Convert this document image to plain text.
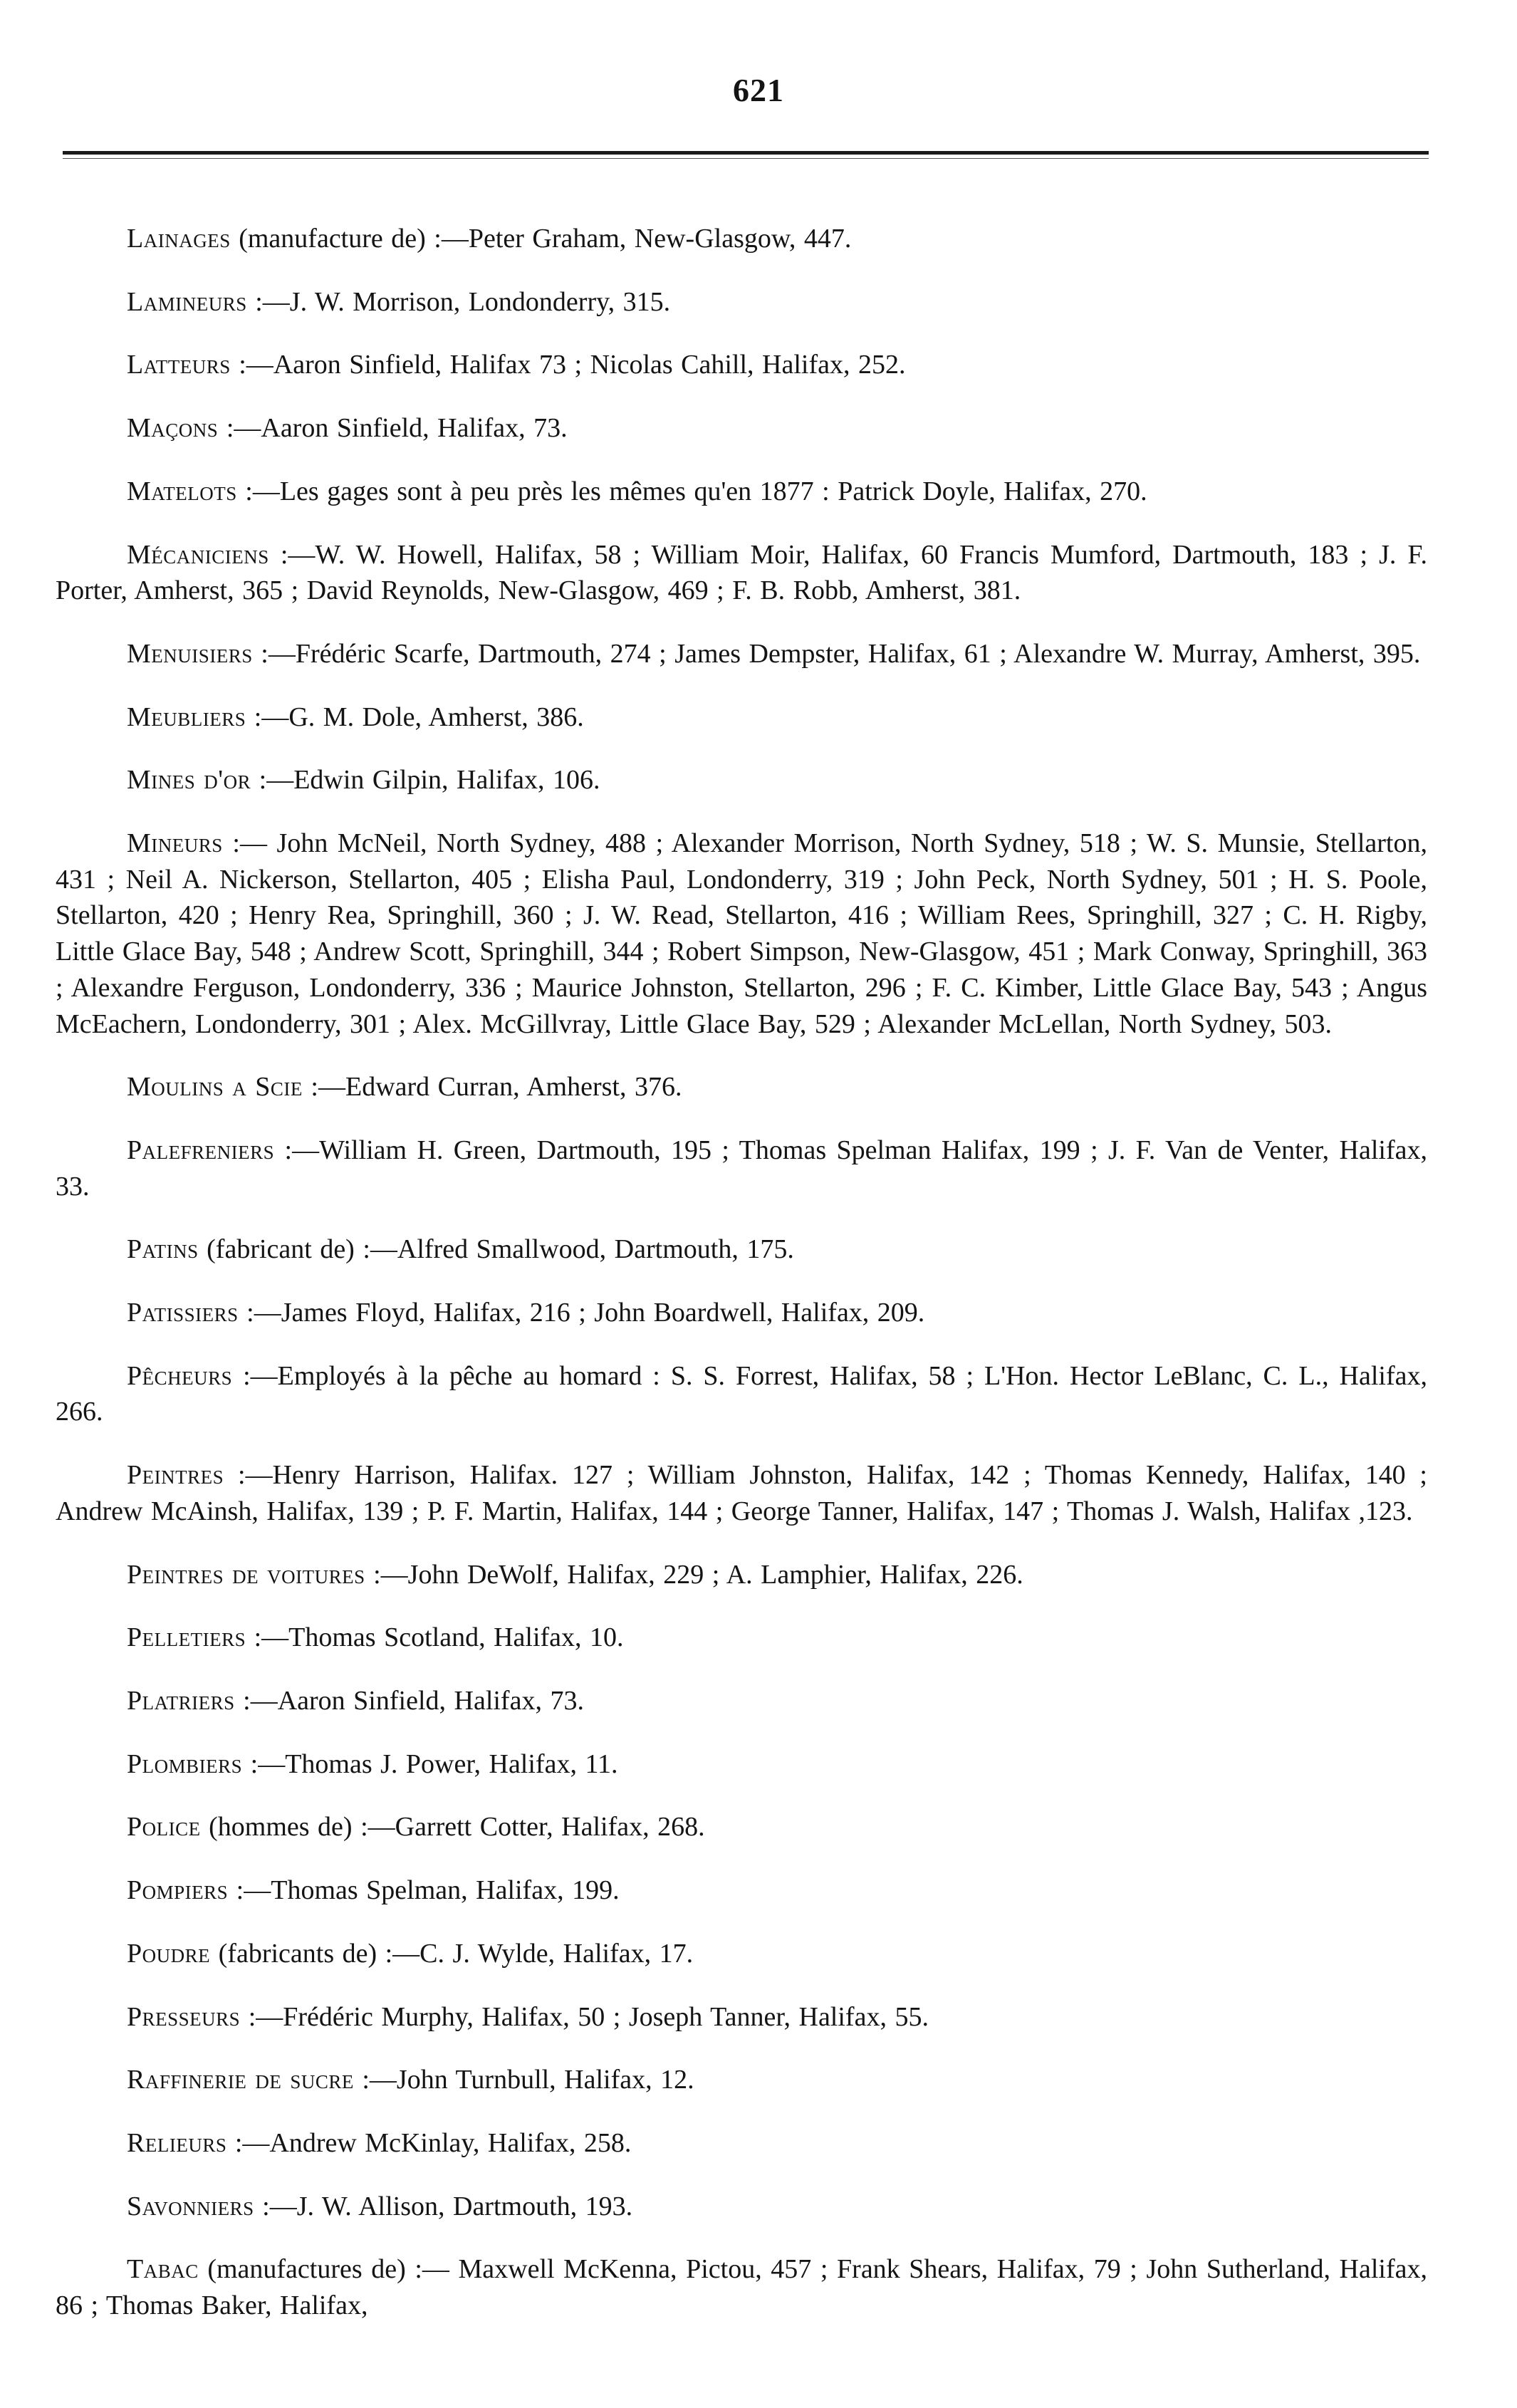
621

Lainages (manufacture de) :—Peter Graham, New-Glasgow, 447.

Lamineurs :—J. W. Morrison, Londonderry, 315.

Latteurs :—Aaron Sinfield, Halifax 73 ; Nicolas Cahill, Halifax, 252.

Maçons :—Aaron Sinfield, Halifax, 73.

Matelots :—Les gages sont à peu près les mêmes qu'en 1877 : Patrick Doyle, Halifax, 270.

Mécaniciens :—W. W. Howell, Halifax, 58 ; William Moir, Halifax, 60 Francis Mumford, Dartmouth, 183 ; J. F. Porter, Amherst, 365 ; David Reynolds, New-Glasgow, 469 ; F. B. Robb, Amherst, 381.

Menuisiers :—Frédéric Scarfe, Dartmouth, 274 ; James Dempster, Halifax, 61 ; Alexandre W. Murray, Amherst, 395.

Meubliers :—G. M. Dole, Amherst, 386.

Mines d'or :—Edwin Gilpin, Halifax, 106.

Mineurs :— John McNeil, North Sydney, 488 ; Alexander Morrison, North Sydney, 518 ; W. S. Munsie, Stellarton, 431 ; Neil A. Nickerson, Stellarton, 405 ; Elisha Paul, Londonderry, 319 ; John Peck, North Sydney, 501 ; H. S. Poole, Stellarton, 420 ; Henry Rea, Springhill, 360 ; J. W. Read, Stellarton, 416 ; William Rees, Springhill, 327 ; C. H. Rigby, Little Glace Bay, 548 ; Andrew Scott, Springhill, 344 ; Robert Simpson, New-Glasgow, 451 ; Mark Conway, Springhill, 363 ; Alexandre Ferguson, Londonderry, 336 ; Maurice Johnston, Stellarton, 296 ; F. C. Kimber, Little Glace Bay, 543 ; Angus McEachern, Londonderry, 301 ; Alex. McGillvray, Little Glace Bay, 529 ; Alexander McLellan, North Sydney, 503.

Moulins a Scie :—Edward Curran, Amherst, 376.

Palefreniers :—William H. Green, Dartmouth, 195 ; Thomas Spelman Halifax, 199 ; J. F. Van de Venter, Halifax, 33.

Patins (fabricant de) :—Alfred Smallwood, Dartmouth, 175.

Patissiers :—James Floyd, Halifax, 216 ; John Boardwell, Halifax, 209.

Pêcheurs :—Employés à la pêche au homard : S. S. Forrest, Halifax, 58 ; L'Hon. Hector LeBlanc, C. L., Halifax, 266.

Peintres :—Henry Harrison, Halifax. 127 ; William Johnston, Halifax, 142 ; Thomas Kennedy, Halifax, 140 ; Andrew McAinsh, Halifax, 139 ; P. F. Martin, Halifax, 144 ; George Tanner, Halifax, 147 ; Thomas J. Walsh, Halifax ,123.

Peintres de voitures :—John DeWolf, Halifax, 229 ; A. Lamphier, Halifax, 226.

Pelletiers :—Thomas Scotland, Halifax, 10.

Platriers :—Aaron Sinfield, Halifax, 73.

Plombiers :—Thomas J. Power, Halifax, 11.

Police (hommes de) :—Garrett Cotter, Halifax, 268.

Pompiers :—Thomas Spelman, Halifax, 199.

Poudre (fabricants de) :—C. J. Wylde, Halifax, 17.

Presseurs :—Frédéric Murphy, Halifax, 50 ; Joseph Tanner, Halifax, 55.

Raffinerie de sucre :—John Turnbull, Halifax, 12.

Relieurs :—Andrew McKinlay, Halifax, 258.

Savonniers :—J. W. Allison, Dartmouth, 193.

Tabac (manufactures de) :— Maxwell McKenna, Pictou, 457 ; Frank Shears, Halifax, 79 ; John Sutherland, Halifax, 86 ; Thomas Baker, Halifax,
